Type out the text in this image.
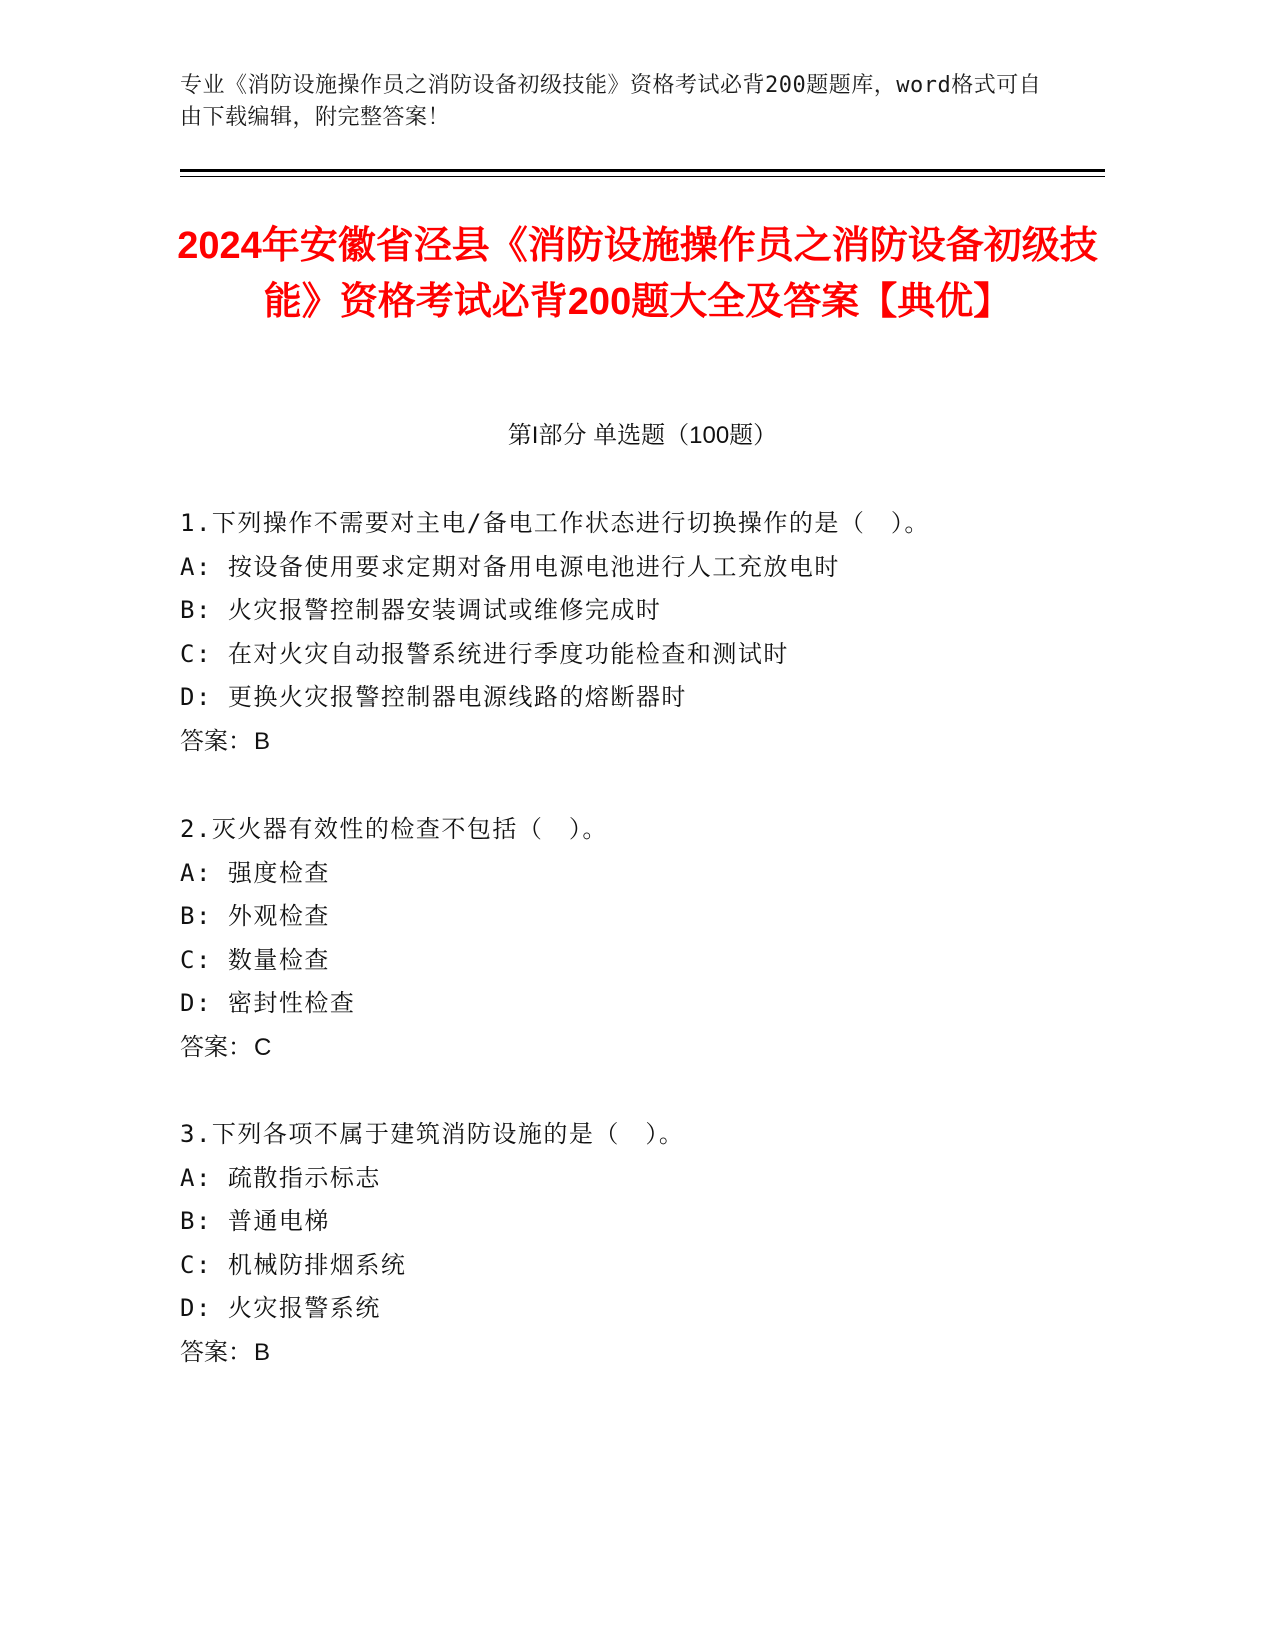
专业《消防设施操作员之消防设备初级技能》资格考试必背200题题库，word格式可自由下载编辑，附完整答案！
2024年安徽省泾县《消防设施操作员之消防设备初级技能》资格考试必背200题大全及答案【典优】
第I部分 单选题（100题）
1.下列操作不需要对主电/备电工作状态进行切换操作的是（　）。
A: 按设备使用要求定期对备用电源电池进行人工充放电时
B: 火灾报警控制器安装调试或维修完成时
C: 在对火灾自动报警系统进行季度功能检查和测试时
D: 更换火灾报警控制器电源线路的熔断器时
答案：B
2.灭火器有效性的检查不包括（　）。
A: 强度检查
B: 外观检查
C: 数量检查
D: 密封性检查
答案：C
3.下列各项不属于建筑消防设施的是（　）。
A: 疏散指示标志
B: 普通电梯
C: 机械防排烟系统
D: 火灾报警系统
答案：B
